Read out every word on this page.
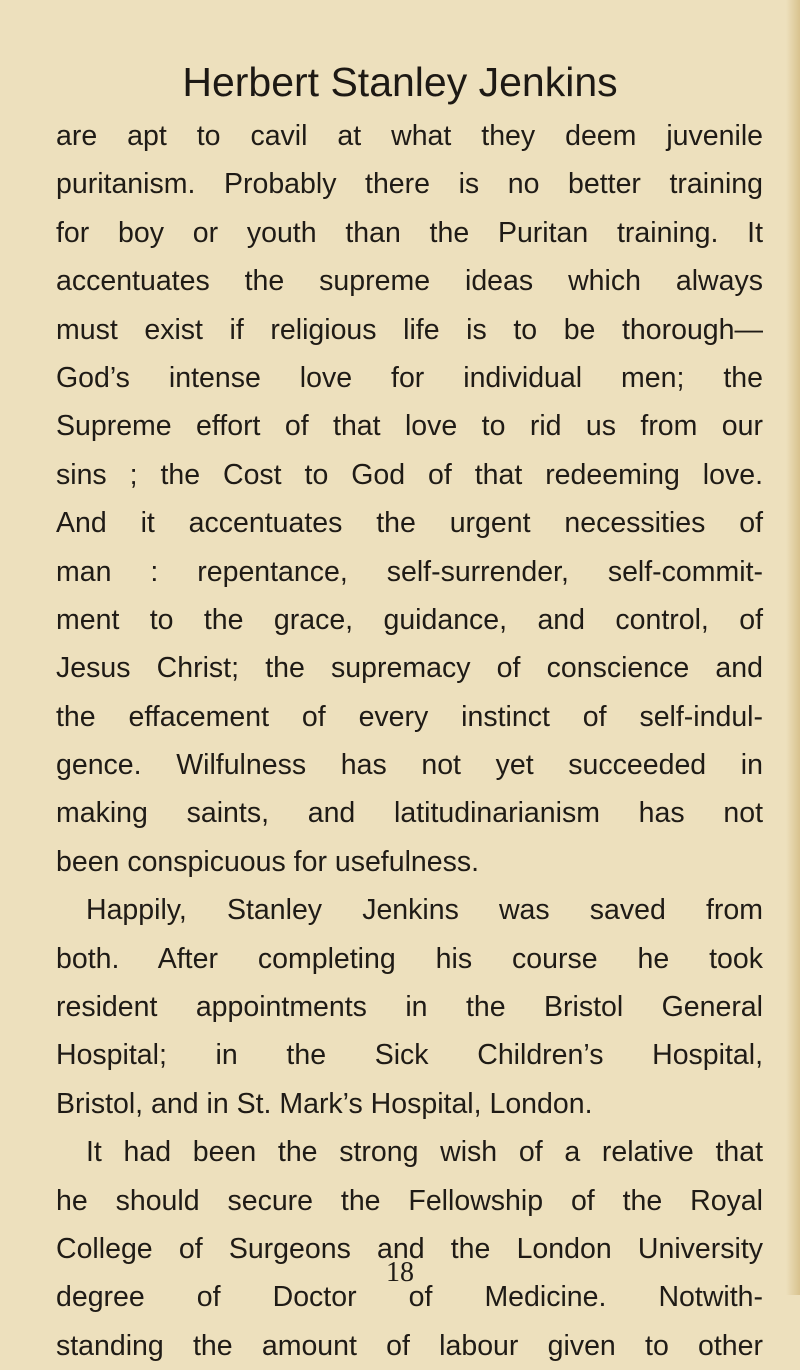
Herbert Stanley Jenkins
are apt to cavil at what they deem juvenile
puritanism. Probably there is no better training
for boy or youth than the Puritan training. It
accentuates the supreme ideas which always
must exist if religious life is to be thorough—
God’s intense love for individual men; the
Supreme effort of that love to rid us from our
sins ; the Cost to God of that redeeming love.
And it accentuates the urgent necessities of
man : repentance, self-surrender, self-commit-
ment to the grace, guidance, and control, of
Jesus Christ; the supremacy of conscience and
the effacement of every instinct of self-indul-
gence. Wilfulness has not yet succeeded in
making saints, and latitudinarianism has not
been conspicuous for usefulness.
Happily, Stanley Jenkins was saved from
both. After completing his course he took
resident appointments in the Bristol General
Hospital; in the Sick Children’s Hospital,
Bristol, and in St. Mark’s Hospital, London.
It had been the strong wish of a relative that
he should secure the Fellowship of the Royal
College of Surgeons and the London University
degree of Doctor of Medicine. Notwith-
standing the amount of labour given to other
18
